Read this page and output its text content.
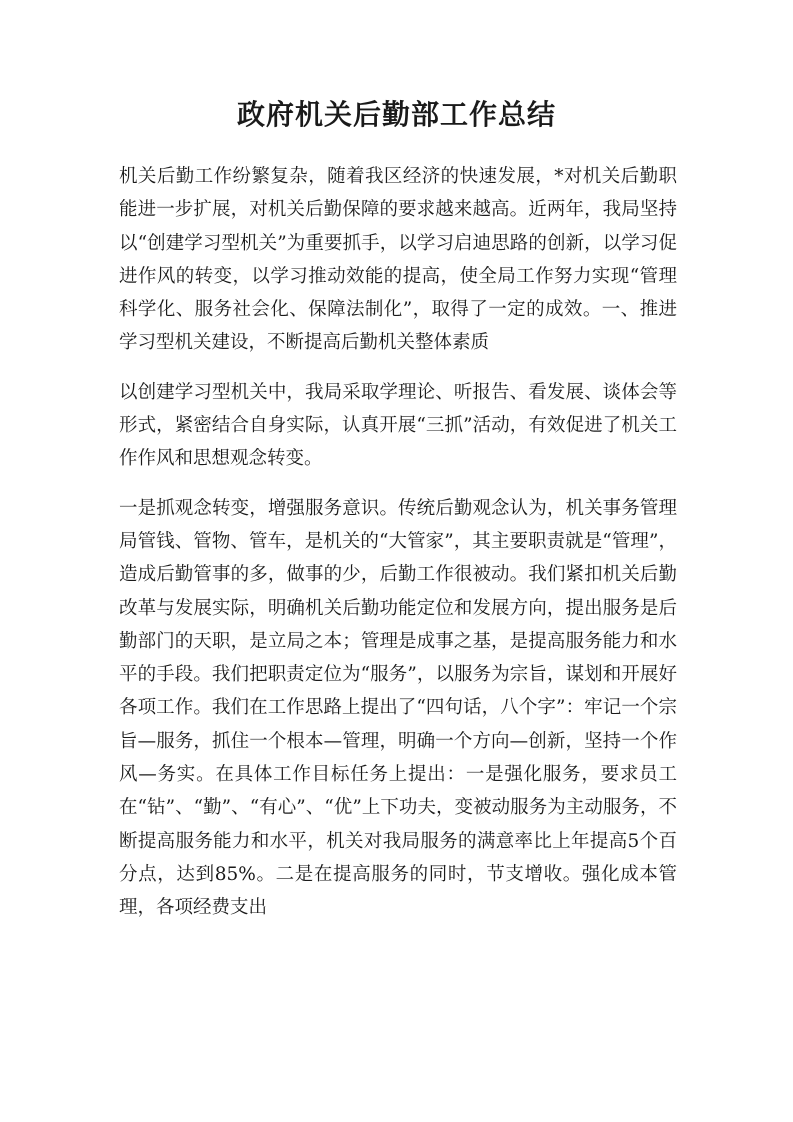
政府机关后勤部工作总结

机关后勤工作纷繁复杂，随着我区经济的快速发展，*对机关后勤职能进一步扩展，对机关后勤保障的要求越来越高。近两年，我局坚持以“创建学习型机关”为重要抓手，以学习启迪思路的创新，以学习促进作风的转变，以学习推动效能的提高，使全局工作努力实现“管理科学化、服务社会化、保障法制化”，取得了一定的成效。一、推进学习型机关建设，不断提高后勤机关整体素质

以创建学习型机关中，我局采取学理论、听报告、看发展、谈体会等形式，紧密结合自身实际，认真开展“三抓”活动，有效促进了机关工作作风和思想观念转变。

一是抓观念转变，增强服务意识。传统后勤观念认为，机关事务管理局管钱、管物、管车，是机关的“大管家”，其主要职责就是“管理”，造成后勤管事的多，做事的少，后勤工作很被动。我们紧扣机关后勤改革与发展实际，明确机关后勤功能定位和发展方向，提出服务是后勤部门的天职，是立局之本；管理是成事之基，是提高服务能力和水平的手段。我们把职责定位为“服务”，以服务为宗旨，谋划和开展好各项工作。我们在工作思路上提出了“四句话，八个字”：牢记一个宗旨—服务，抓住一个根本—管理，明确一个方向—创新，坚持一个作风—务实。在具体工作目标任务上提出：一是强化服务，要求员工在“钻”、“勤”、“有心”、“优”上下功夫，变被动服务为主动服务，不断提高服务能力和水平，机关对我局服务的满意率比上年提高5个百分点，达到85%。二是在提高服务的同时，节支增收。强化成本管理，各项经费支出
